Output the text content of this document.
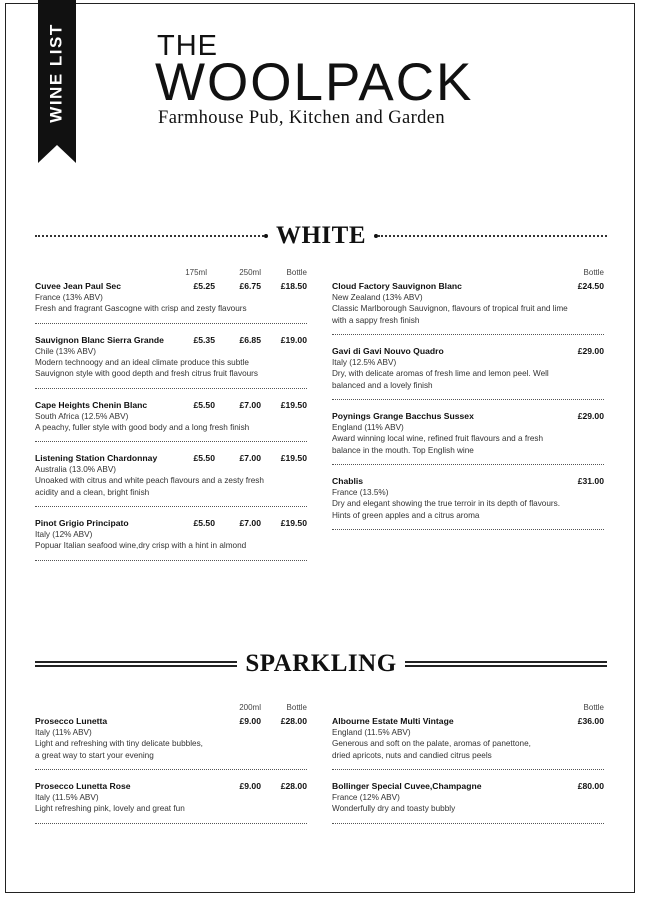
WINE LIST	THE
WOOLPACK
Farmhouse Pub, Kitchen and Garden
WHITE
175ml	250ml	Bottle
Cuvee Jean Paul Sec	£5.25	£6.75 £18.50
France (13% ABV)
Fresh and fragrant Gascogne with crisp and zesty flavours
Sauvignon Blanc Sierra Grande	£5.35	£6.85 £19.00
Chile (13% ABV)
Modern technoogy and an ideal climate produce this subtle
Sauvignon style with good depth and fresh citrus fruit flavours
Cape Heights Chenin Blanc	£5.50	£7.00 £19.50
South Africa (12.5% ABV)
A peachy, fuller style with good body and a long fresh finish
Listening Station Chardonnay	£5.50	£7.00 £19.50
Australia (13.0% ABV)
Unoaked with citrus and white peach flavours and a zesty fresh
acidity and a clean, bright finish
Pinot Grigio Principato	£5.50	£7.00 £19.50
Italy (12% ABV)
Popuar Italian seafood wine,dry crisp with a hint in almond
Bottle
Cloud Factory Sauvignon Blanc	£24.50
New Zealand (13% ABV)
Classic Marlborough Sauvignon, flavours of tropical fruit and lime
with a sappy fresh finish
Gavi di Gavi Nouvo Quadro	£29.00
Italy (12.5% ABV)
Dry, with delicate aromas of fresh lime and lemon peel. Well
balanced and a lovely finish
Poynings Grange Bacchus Sussex	£29.00
England (11% ABV)
Award winning local wine, refined fruit flavours and a fresh
balance in the mouth. Top English wine
Chablis	£31.00
France (13.5%)
Dry and elegant showing the true terroir in its depth of flavours.
Hints of green apples and a citrus aroma
SPARKLING
200ml	Bottle
Prosecco Lunetta	£9.00 £28.00
Italy (11% ABV)
Light and refreshing with tiny delicate bubbles,
a great way to start your evening
Prosecco Lunetta Rose	£9.00 £28.00
Italy (11.5% ABV)
Light refreshing pink, lovely and great fun
Bottle
Albourne Estate Multi Vintage	£36.00
England (11.5% ABV)
Generous and soft on the palate, aromas of panettone,
dried apricots, nuts and candied citrus peels
Bollinger Special Cuvee,Champagne	£80.00
France (12% ABV)
Wonderfully dry and toasty bubbly
